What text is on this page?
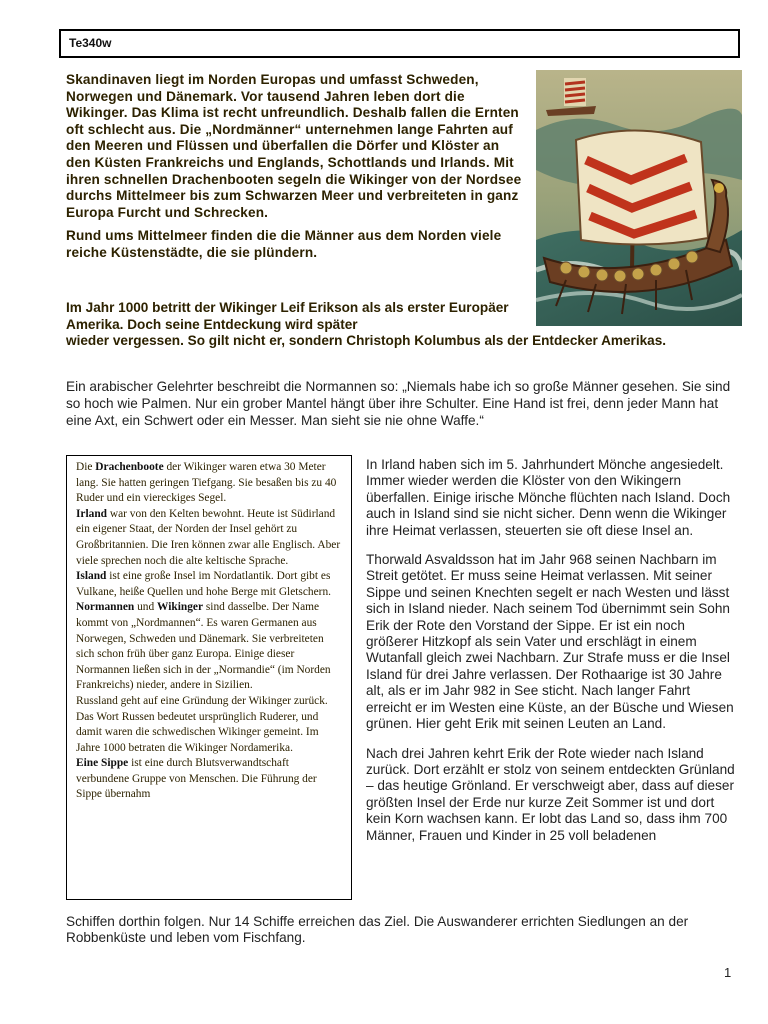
Te340w

Skandinaven liegt im Norden Europas und umfasst Schweden, Norwegen und Dänemark. Vor tausend Jahren leben dort die Wikinger. Das Klima ist recht unfreundlich. Deshalb fallen die Ernten oft schlecht aus. Die „Nordmänner“ unternehmen lange Fahrten auf den Meeren und Flüssen und überfallen die Dörfer und Klöster an den Küsten Frankreichs und Englands, Schottlands und Irlands. Mit ihren schnellen Drachenbooten segeln die Wikinger von der Nordsee durchs Mittelmeer bis zum Schwarzen Meer und verbreiteten in ganz Europa Furcht und Schrecken.

Rund ums Mittelmeer finden die die Männer aus dem Norden viele reiche Küstenstädte, die sie plündern.

Im Jahr 1000 betritt der Wikinger Leif Erikson als als erster Europäer Amerika. Doch seine Entdeckung wird später
wieder vergessen. So gilt nicht er, sondern Christoph Kolumbus als der Entdecker Amerikas.
Ein arabischer Gelehrter beschreibt die Normannen so: „Niemals habe ich so große Männer gesehen. Sie sind so hoch wie Palmen. Nur ein grober Mantel hängt über ihre Schulter. Eine Hand ist frei, denn jeder Mann hat eine Axt, ein Schwert oder ein Messer. Man sieht sie nie ohne Waffe.“

Die Drachenboote der Wikinger waren etwa 30 Meter lang. Sie hatten geringen Tiefgang. Sie besaßen bis zu 40 Ruder und ein viereckiges Segel.

Irland war von den Kelten bewohnt. Heute ist Südirland ein eigener Staat, der Norden der Insel gehört zu Großbritannien. Die Iren können zwar alle Englisch. Aber viele sprechen noch die alte keltische Sprache.

Island ist eine große Insel im Nordatlantik. Dort gibt es Vulkane, heiße Quellen und hohe Berge mit Gletschern.

Normannen und Wikinger sind dasselbe. Der Name kommt von „Nordmannen“. Es waren Germanen aus Norwegen, Schweden und Dänemark. Sie verbreiteten sich schon früh über ganz Europa. Einige dieser Normannen ließen sich in der „Normandie“ (im Norden Frankreichs) nieder, andere in Sizilien.

Russland geht auf eine Gründung der Wikinger zurück. Das Wort Russen bedeutet ursprünglich Ruderer, und damit waren die schwedischen Wikinger gemeint. Im Jahre 1000 betraten die Wikinger Nordamerika.

Eine Sippe ist eine durch Blutsverwandtschaft verbundene Gruppe von Menschen. Die Führung der Sippe übernahm

In Irland haben sich im 5. Jahrhundert Mönche angesiedelt. Immer wieder werden die Klöster von den Wikingern überfallen. Einige irische Mönche flüchten nach Island. Doch auch in Island sind sie nicht sicher. Denn wenn die Wikinger ihre Heimat verlassen, steuerten sie oft diese Insel an.

Thorwald Asvaldsson hat im Jahr 968 seinen Nachbarn im Streit getötet. Er muss seine Heimat verlassen. Mit seiner Sippe und seinen Knechten segelt er nach Westen und lässt sich in Island nieder. Nach seinem Tod übernimmt sein Sohn Erik der Rote den Vorstand der Sippe. Er ist ein noch größerer Hitzkopf als sein Vater und erschlägt in einem Wutanfall gleich zwei Nachbarn. Zur Strafe muss er die Insel Island für drei Jahre verlassen. Der Rothaarige ist 30 Jahre alt, als er im Jahr 982 in See sticht. Nach langer Fahrt erreicht er im Westen eine Küste, an der Büsche und Wiesen grünen. Hier geht Erik mit seinen Leuten an Land.

Nach drei Jahren kehrt Erik der Rote wieder nach Island zurück. Dort erzählt er stolz von seinem entdeckten Grünland – das heutige Grönland. Er verschweigt aber, dass auf dieser größten Insel der Erde nur kurze Zeit Sommer ist und dort kein Korn wachsen kann. Er lobt das Land so, dass ihm 700 Männer, Frauen und Kinder in 25 voll beladenen

Schiffen dorthin folgen. Nur 14 Schiffe erreichen das Ziel. Die Auswanderer errichten Siedlungen an der Robbenküste und leben vom Fischfang.
1
